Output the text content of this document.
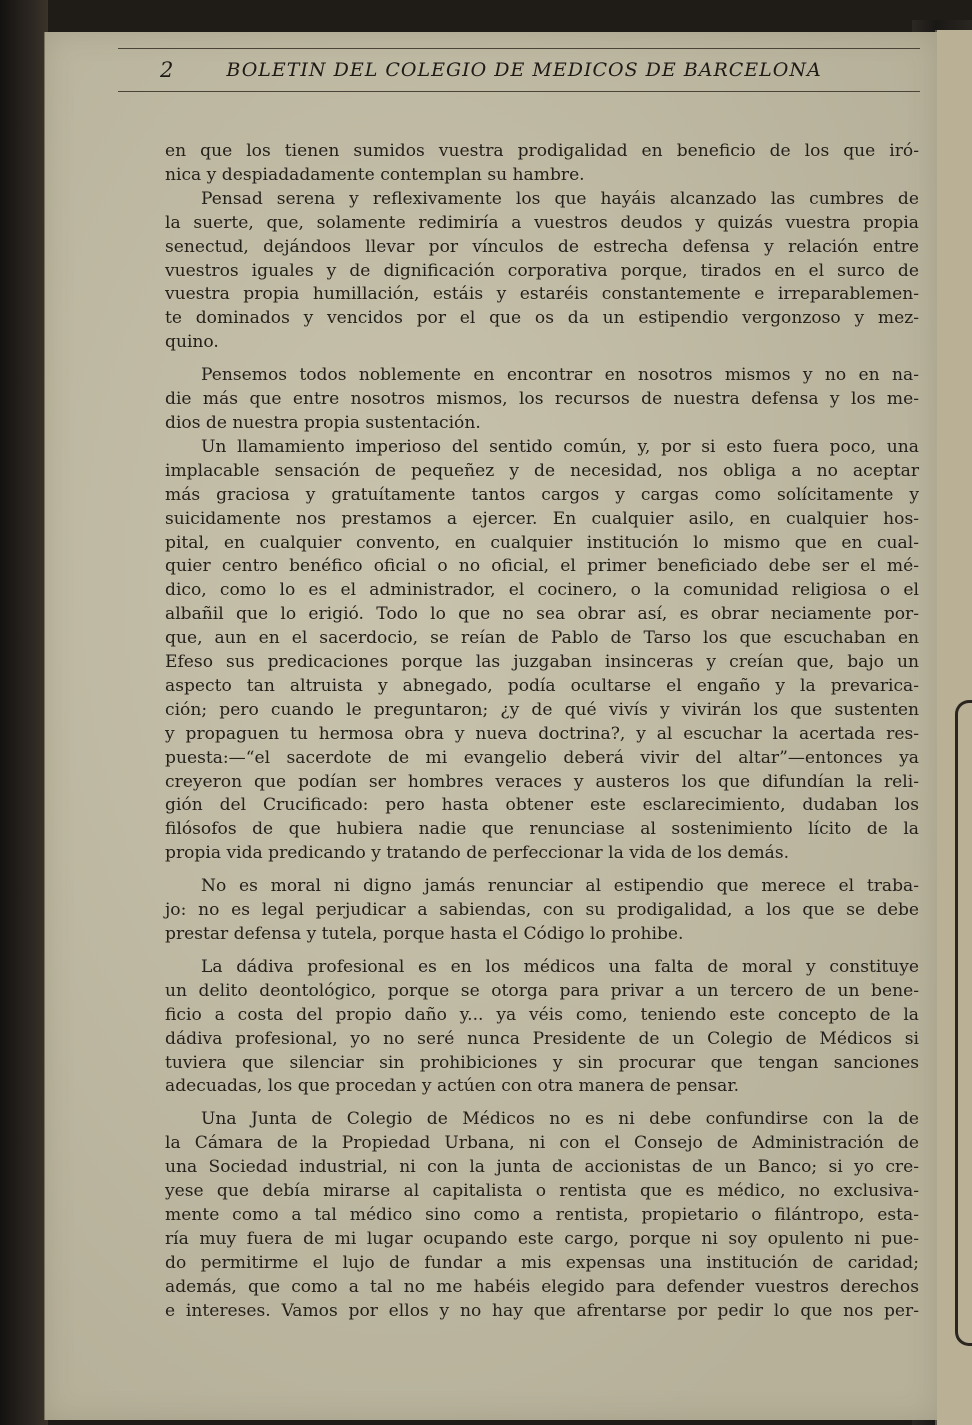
2	BOLETIN DEL COLEGIO DE MEDICOS DE BARCELONA
en que los tienen sumidos vuestra prodigalidad en beneficio de los que iró-
nica y despiadadamente contemplan su hambre.
Pensad serena y reflexivamente los que hayáis alcanzado las cumbres de
la suerte, que, solamente redimiría a vuestros deudos y quizás vuestra propia
senectud, dejándoos llevar por vínculos de estrecha defensa y relación entre
vuestros iguales y de dignificación corporativa porque, tirados en el surco de
vuestra propia humillación, estáis y estaréis constantemente e irreparablemen-
te dominados y vencidos por el que os da un estipendio vergonzoso y mez-
quino.
Pensemos todos noblemente en encontrar en nosotros mismos y no en na-
die más que entre nosotros mismos, los recursos de nuestra defensa y los me-
dios de nuestra propia sustentación.
Un llamamiento imperioso del sentido común, y, por si esto fuera poco, una
implacable sensación de pequeñez y de necesidad, nos obliga a no aceptar
más graciosa y gratuítamente tantos cargos y cargas como solícitamente y
suicidamente nos prestamos a ejercer. En cualquier asilo, en cualquier hos-
pital, en cualquier convento, en cualquier institución lo mismo que en cual-
quier centro benéfico oficial o no oficial, el primer beneficiado debe ser el mé-
dico, como lo es el administrador, el cocinero, o la comunidad religiosa o el
albañil que lo erigió. Todo lo que no sea obrar así, es obrar neciamente por-
que, aun en el sacerdocio, se reían de Pablo de Tarso los que escuchaban en
Efeso sus predicaciones porque las juzgaban insinceras y creían que, bajo un
aspecto tan altruista y abnegado, podía ocultarse el engaño y la prevarica-
ción; pero cuando le preguntaron; ¿y de qué vivís y vivirán los que sustenten
y propaguen tu hermosa obra y nueva doctrina?, y al escuchar la acertada res-
puesta:—“el sacerdote de mi evangelio deberá vivir del altar”—entonces ya
creyeron que podían ser hombres veraces y austeros los que difundían la reli-
gión del Crucificado: pero hasta obtener este esclarecimiento, dudaban los
filósofos de que hubiera nadie que renunciase al sostenimiento lícito de la
propia vida predicando y tratando de perfeccionar la vida de los demás.
No es moral ni digno jamás renunciar al estipendio que merece el traba-
jo: no es legal perjudicar a sabiendas, con su prodigalidad, a los que se debe
prestar defensa y tutela, porque hasta el Código lo prohibe.
La dádiva profesional es en los médicos una falta de moral y constituye
un delito deontológico, porque se otorga para privar a un tercero de un bene-
ficio a costa del propio daño y... ya véis como, teniendo este concepto de la
dádiva profesional, yo no seré nunca Presidente de un Colegio de Médicos si
tuviera que silenciar sin prohibiciones y sin procurar que tengan sanciones
adecuadas, los que procedan y actúen con otra manera de pensar.
Una Junta de Colegio de Médicos no es ni debe confundirse con la de
la Cámara de la Propiedad Urbana, ni con el Consejo de Administración de
una Sociedad industrial, ni con la junta de accionistas de un Banco; si yo cre-
yese que debía mirarse al capitalista o rentista que es médico, no exclusiva-
mente como a tal médico sino como a rentista, propietario o filántropo, esta-
ría muy fuera de mi lugar ocupando este cargo, porque ni soy opulento ni pue-
do permitirme el lujo de fundar a mis expensas una institución de caridad;
además, que como a tal no me habéis elegido para defender vuestros derechos
e intereses. Vamos por ellos y no hay que afrentarse por pedir lo que nos per-
